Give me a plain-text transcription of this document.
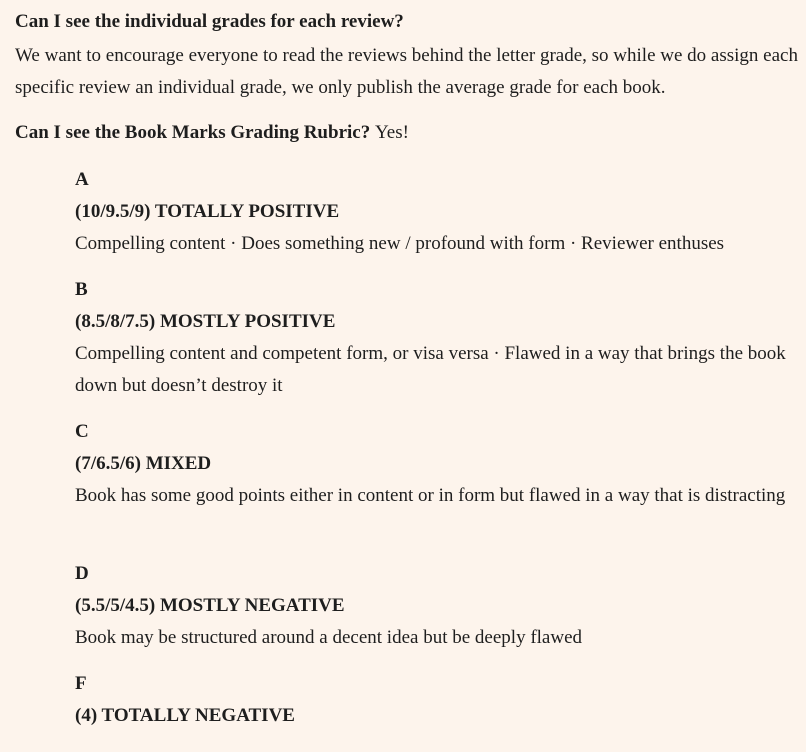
Can I see the individual grades for each review?
We want to encourage everyone to read the reviews behind the letter grade, so while we do assign each specific review an individual grade, we only publish the average grade for each book.
Can I see the Book Marks Grading Rubric? Yes!
A
(10/9.5/9) TOTALLY POSITIVE
Compelling content · Does something new / profound with form · Reviewer enthuses
B
(8.5/8/7.5) MOSTLY POSITIVE
Compelling content and competent form, or visa versa · Flawed in a way that brings the book down but doesn’t destroy it
C
(7/6.5/6) MIXED
Book has some good points either in content or in form but flawed in a way that is distracting
D
(5.5/5/4.5) MOSTLY NEGATIVE
Book may be structured around a decent idea but be deeply flawed
F
(4) TOTALLY NEGATIVE
